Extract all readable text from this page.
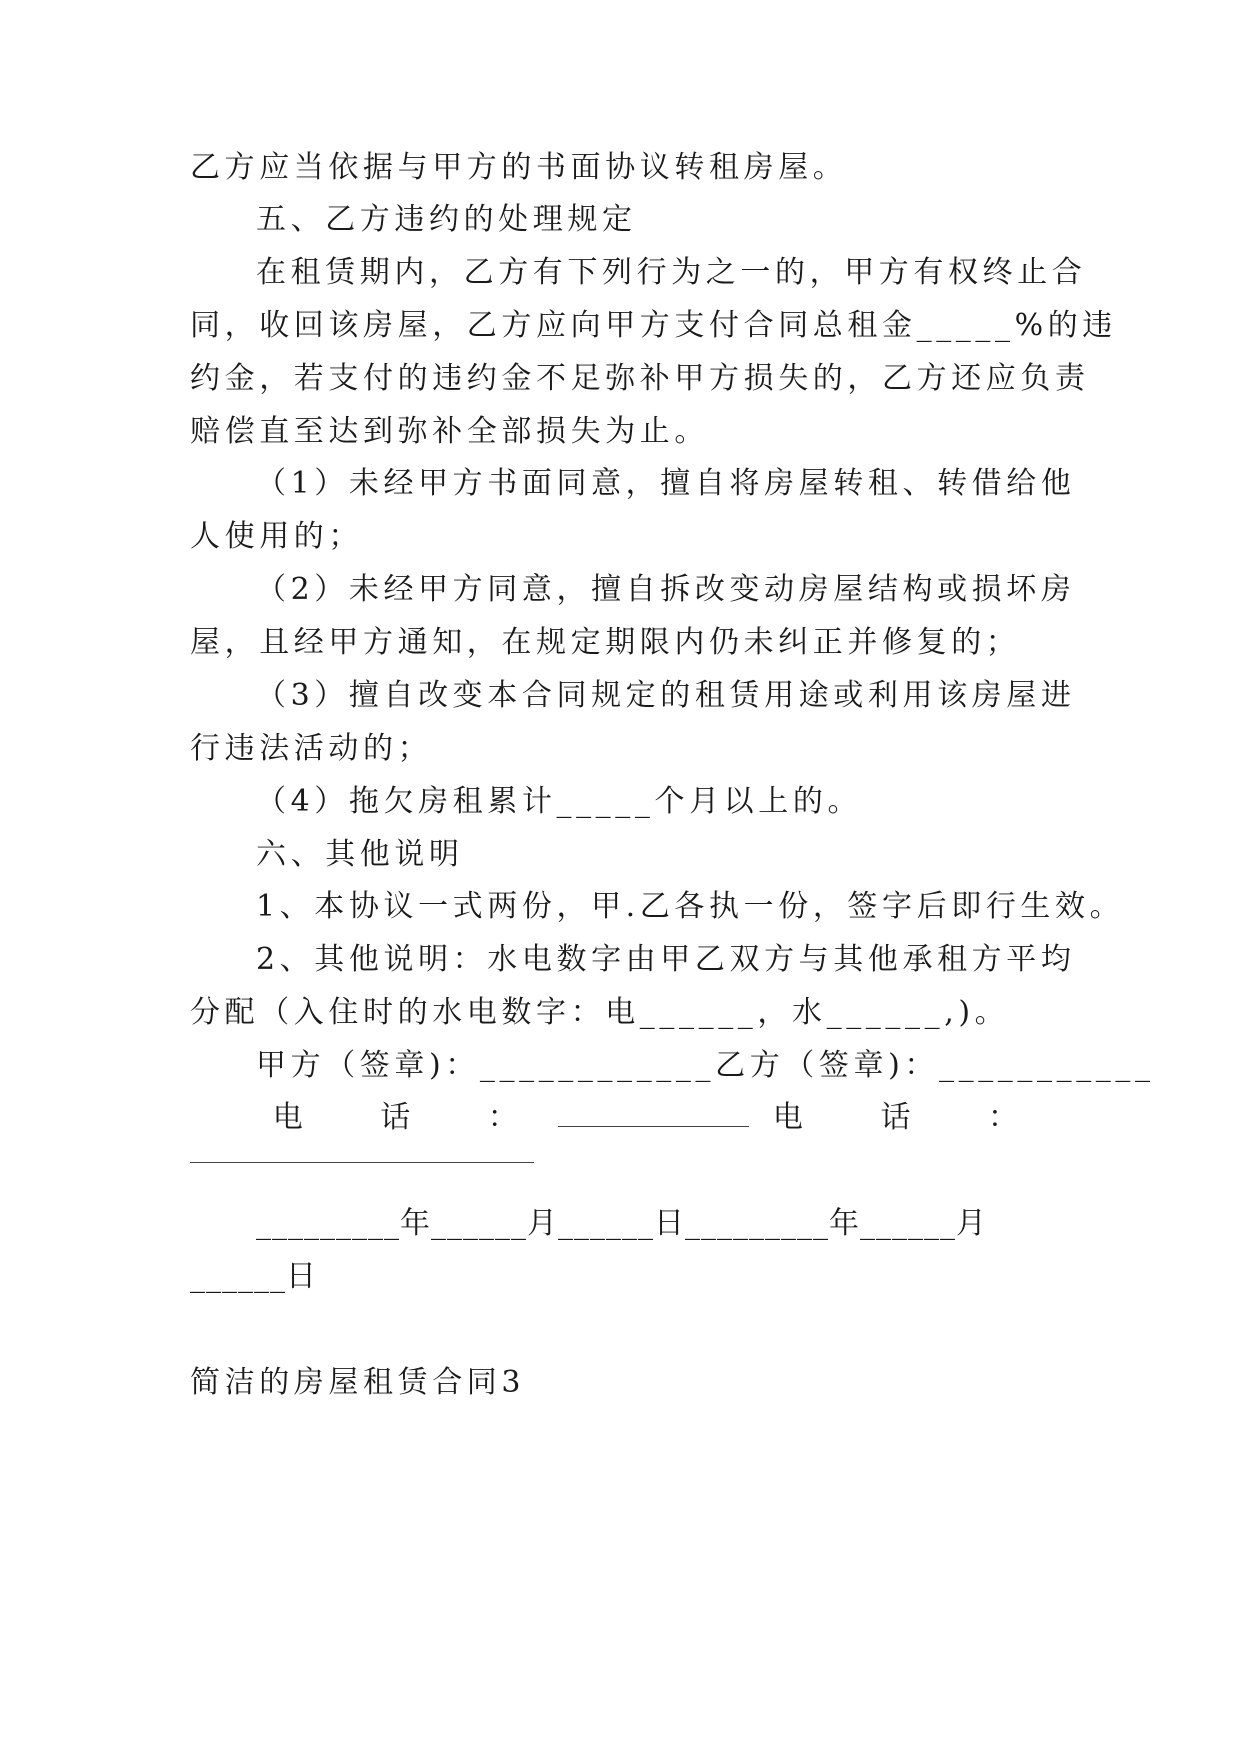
乙方应当依据与甲方的书面协议转租房屋。
五、乙方违约的处理规定
在租赁期内，乙方有下列行为之一的，甲方有权终止合
同，收回该房屋，乙方应向甲方支付合同总租金_____%的违
约金，若支付的违约金不足弥补甲方损失的，乙方还应负责
赔偿直至达到弥补全部损失为止。
（1）未经甲方书面同意，擅自将房屋转租、转借给他
人使用的；
（2）未经甲方同意，擅自拆改变动房屋结构或损坏房
屋，且经甲方通知，在规定期限内仍未纠正并修复的；
（3）擅自改变本合同规定的租赁用途或利用该房屋进
行违法活动的；
（4）拖欠房租累计_____个月以上的。
六、其他说明
1、本协议一式两份，甲.乙各执一份，签字后即行生效。
2、其他说明：水电数字由甲乙双方与其他承租方平均
分配（入住时的水电数字：电______，水______,)。
甲方（签章)：____________乙方（签章)：___________
电 话 ：	电 话 ：
_________年______月______日_________年______月
______日
简洁的房屋租赁合同3
